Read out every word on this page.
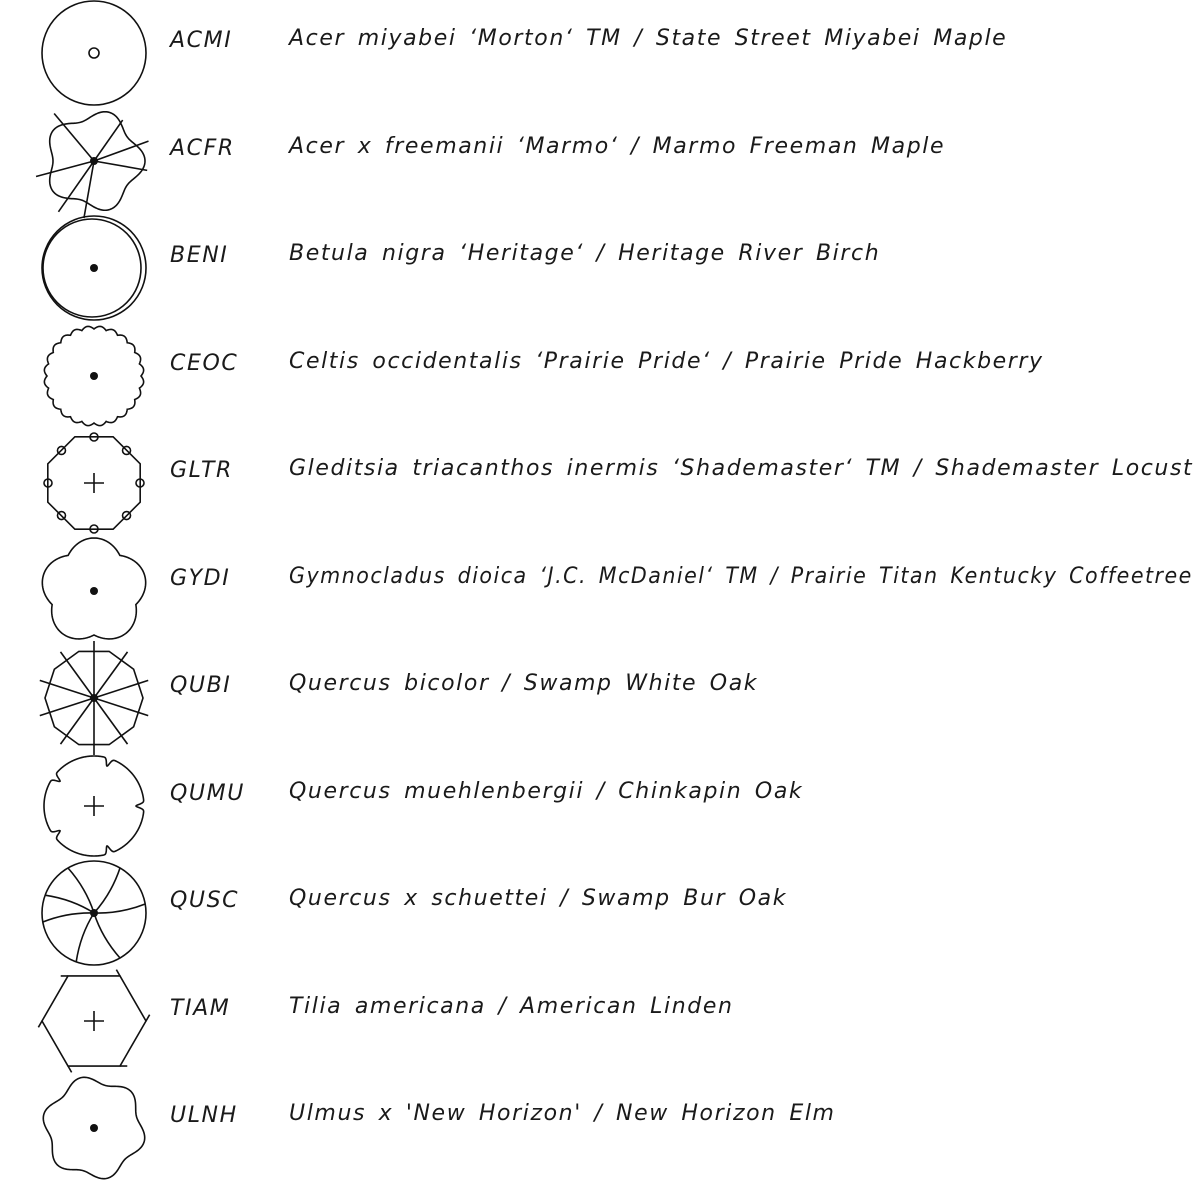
ACMI	Acer miyabei ‘Morton‘ TM / State Street Miyabei Maple
ACFR Acer x freemanii ‘Marmo‘ / Marmo Freeman Maple
BENI	Betula nigra ‘Heritage‘ / Heritage River Birch
CEOC Celtis occidentalis ‘Prairie Pride‘ / Prairie Pride Hackberry
GLTR	Gleditsia triacanthos inermis ‘Shademaster‘ TM / Shademaster Locust
GYDI	Gymnocladus dioica ‘J.C. McDaniel‘ TM / Prairie Titan Kentucky Coffeetree
QUBI	Quercus bicolor / Swamp White Oak
QUMU Quercus muehlenbergii / Chinkapin Oak
QUSC Quercus x schuettei / Swamp Bur Oak
TIAM	Tilia americana / American Linden
ULNH Ulmus x 'New Horizon' / New Horizon Elm
